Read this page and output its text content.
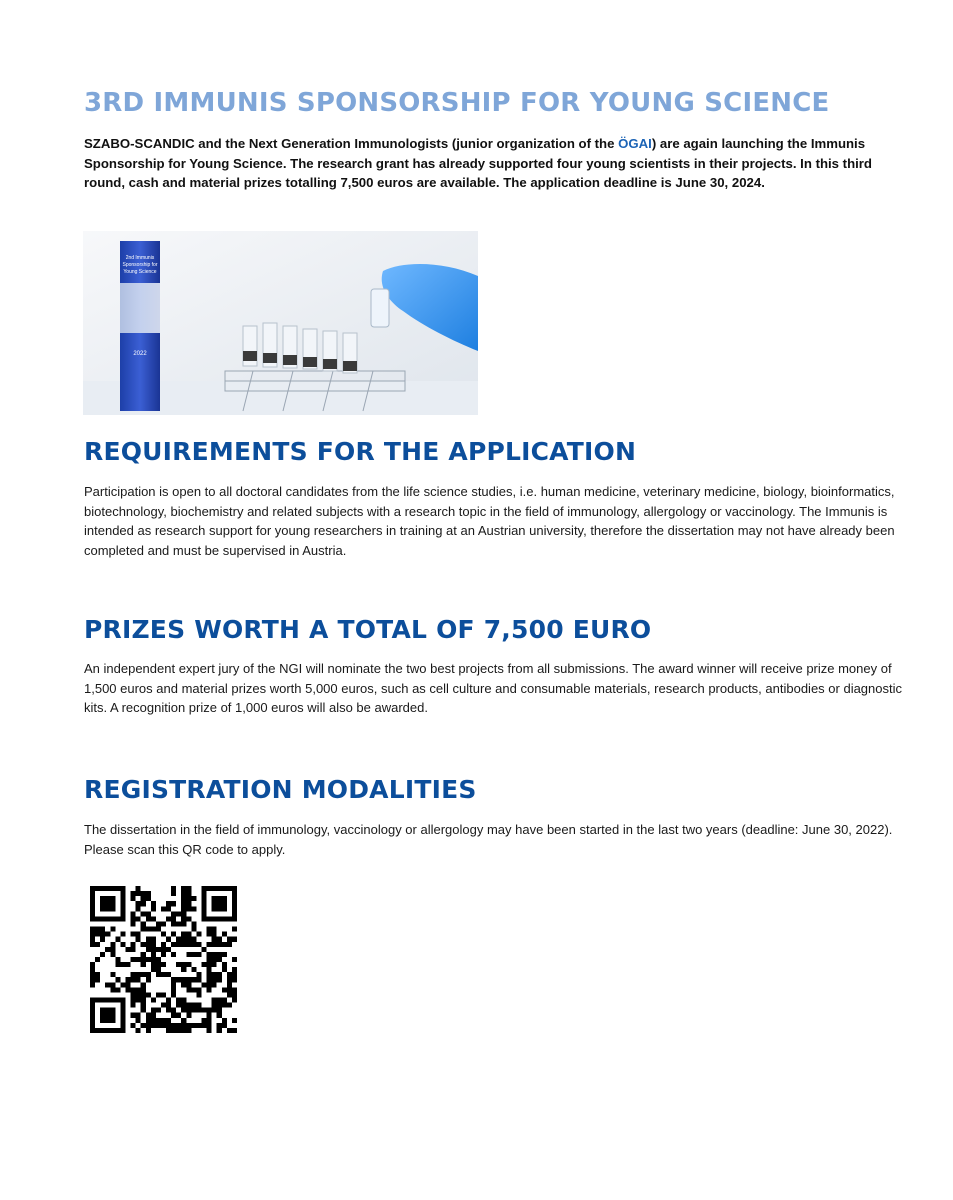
3RD IMMUNIS SPONSORSHIP FOR YOUNG SCIENCE

SZABO-SCANDIC and the Next Generation Immunologists (junior organization of the ÖGAI) are again launching the Immunis Sponsorship for Young Science. The research grant has already supported four young scientists in their projects. In this third round, cash and material prizes totalling 7,500 euros are available. The application deadline is June 30, 2024.

2nd Immunis
Sponsorship for
Young Science
2022
REQUIREMENTS FOR THE APPLICATION

Participation is open to all doctoral candidates from the life science studies, i.e. human medicine, veterinary medicine, biology, bioinformatics, biotechnology, biochemistry and related subjects with a research topic in the field of immunology, allergology or vaccinology. The Immunis is intended as research support for young researchers in training at an Austrian university, therefore the dissertation may not have already been completed and must be supervised in Austria.

PRIZES WORTH A TOTAL OF 7,500 EURO

An independent expert jury of the NGI will nominate the two best projects from all submissions. The award winner will receive prize money of 1,500 euros and material prizes worth 5,000 euros, such as cell culture and consumable materials, research products, antibodies or diagnostic kits. A recognition prize of 1,000 euros will also be awarded.

REGISTRATION MODALITIES

The dissertation in the field of immunology, vaccinology or allergology may have been started in the last two years (deadline: June 30, 2022). Please scan this QR code to apply.
